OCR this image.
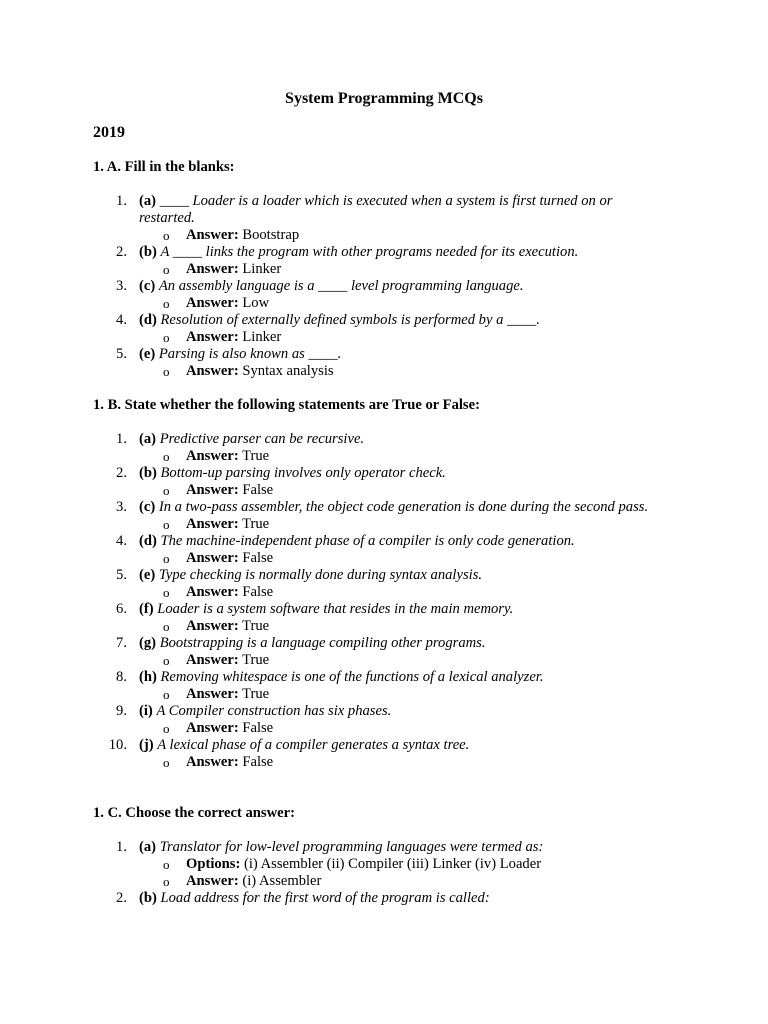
System Programming MCQs
2019
1. A. Fill in the blanks:
1. (a) ____ Loader is a loader which is executed when a system is first turned on or restarted.
o Answer: Bootstrap
2. (b) A ____ links the program with other programs needed for its execution.
o Answer: Linker
3. (c) An assembly language is a ____ level programming language.
o Answer: Low
4. (d) Resolution of externally defined symbols is performed by a ____.
o Answer: Linker
5. (e) Parsing is also known as ____.
o Answer: Syntax analysis
1. B. State whether the following statements are True or False:
1. (a) Predictive parser can be recursive.
o Answer: True
2. (b) Bottom-up parsing involves only operator check.
o Answer: False
3. (c) In a two-pass assembler, the object code generation is done during the second pass.
o Answer: True
4. (d) The machine-independent phase of a compiler is only code generation.
o Answer: False
5. (e) Type checking is normally done during syntax analysis.
o Answer: False
6. (f) Loader is a system software that resides in the main memory.
o Answer: True
7. (g) Bootstrapping is a language compiling other programs.
o Answer: True
8. (h) Removing whitespace is one of the functions of a lexical analyzer.
o Answer: True
9. (i) A Compiler construction has six phases.
o Answer: False
10. (j) A lexical phase of a compiler generates a syntax tree.
o Answer: False
1. C. Choose the correct answer:
1. (a) Translator for low-level programming languages were termed as:
o Options: (i) Assembler (ii) Compiler (iii) Linker (iv) Loader
o Answer: (i) Assembler
2. (b) Load address for the first word of the program is called:
